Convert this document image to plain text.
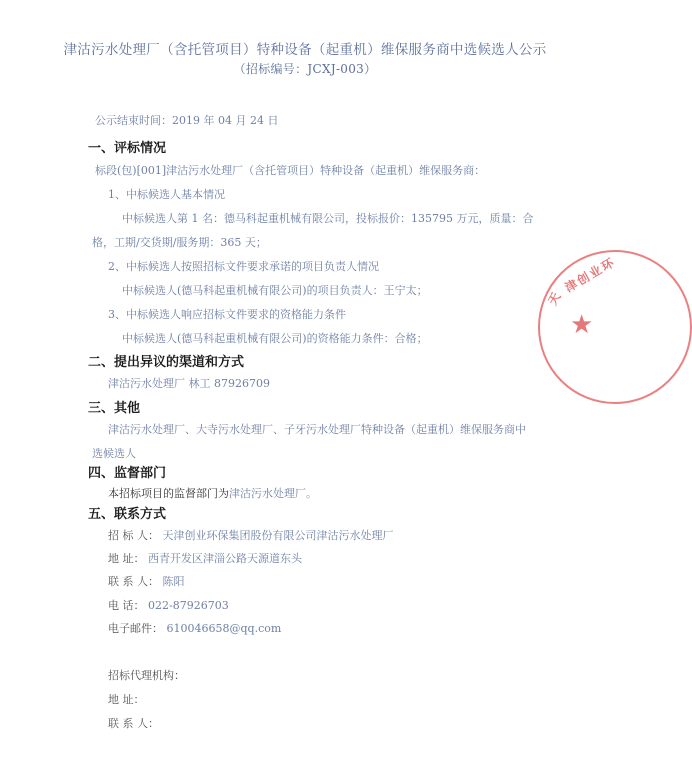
津沽污水处理厂（含托管项目）特种设备（起重机）维保服务商中选候选人公示
（招标编号：JCXJ-003）
公示结束时间：2019 年 04 月 24 日
一、评标情况
标段(包)[001]津沽污水处理厂（含托管项目）特种设备（起重机）维保服务商：
1、中标候选人基本情况
中标候选人第 1 名：德马科起重机械有限公司，投标报价：135795 万元，质量：合
格，工期/交货期/服务期：365 天；
2、中标候选人按照招标文件要求承诺的项目负责人情况
中标候选人(德马科起重机械有限公司)的项目负责人：王宁太；
3、中标候选人响应招标文件要求的资格能力条件
中标候选人(德马科起重机械有限公司)的资格能力条件：合格；
二、提出异议的渠道和方式
津沽污水处理厂 林工 87926709
三、其他
津沽污水处理厂、大寺污水处理厂、子牙污水处理厂特种设备（起重机）维保服务商中
选候选人
四、监督部门
本招标项目的监督部门为津沽污水处理厂。
五、联系方式
招 标 人： 天津创业环保集团股份有限公司津沽污水处理厂
地 址： 西青开发区津淄公路天源道东头
联 系 人： 陈阳
电 话： 022-87926703
电子邮件： 610046658@qq.com
招标代理机构：
地 址：
联 系 人：
天
津创业环
★
